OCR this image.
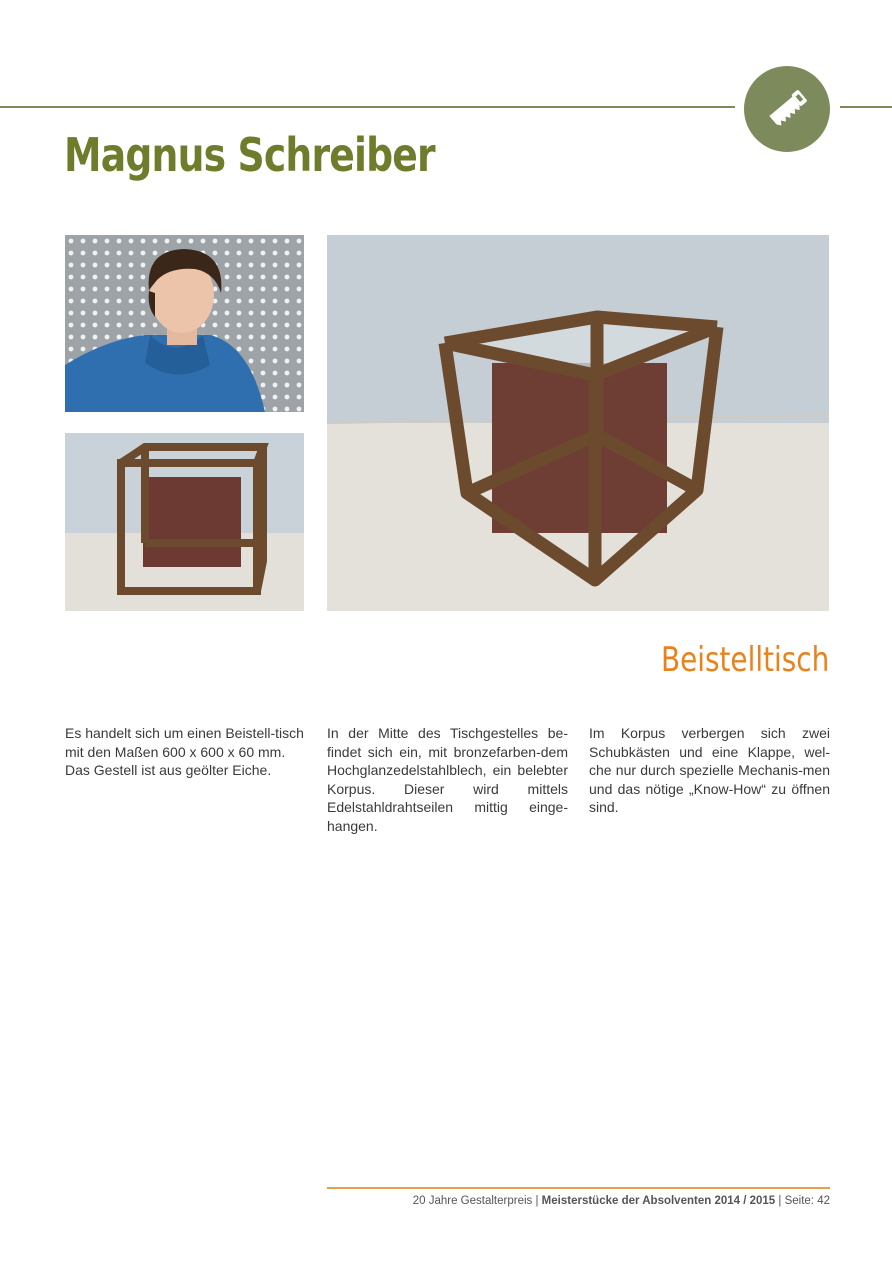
Magnus Schreiber
Beistelltisch

Es handelt sich um einen Beistell-tisch mit den Maßen 600 x 600 x 60 mm. Das Gestell ist aus geölter Eiche.

In der Mitte des Tischgestelles be-findet sich ein, mit bronzefarben-dem Hochglanzedelstahlblech, ein belebter Korpus. Dieser wird mittels Edelstahldrahtseilen mittig einge-hangen.

Im Korpus verbergen sich zwei Schubkästen und eine Klappe, wel-che nur durch spezielle Mechanis-men und das nötige „Know-How“ zu öffnen sind.

20 Jahre Gestalterpreis | Meisterstücke der Absolventen 2014 / 2015 | Seite: 42
